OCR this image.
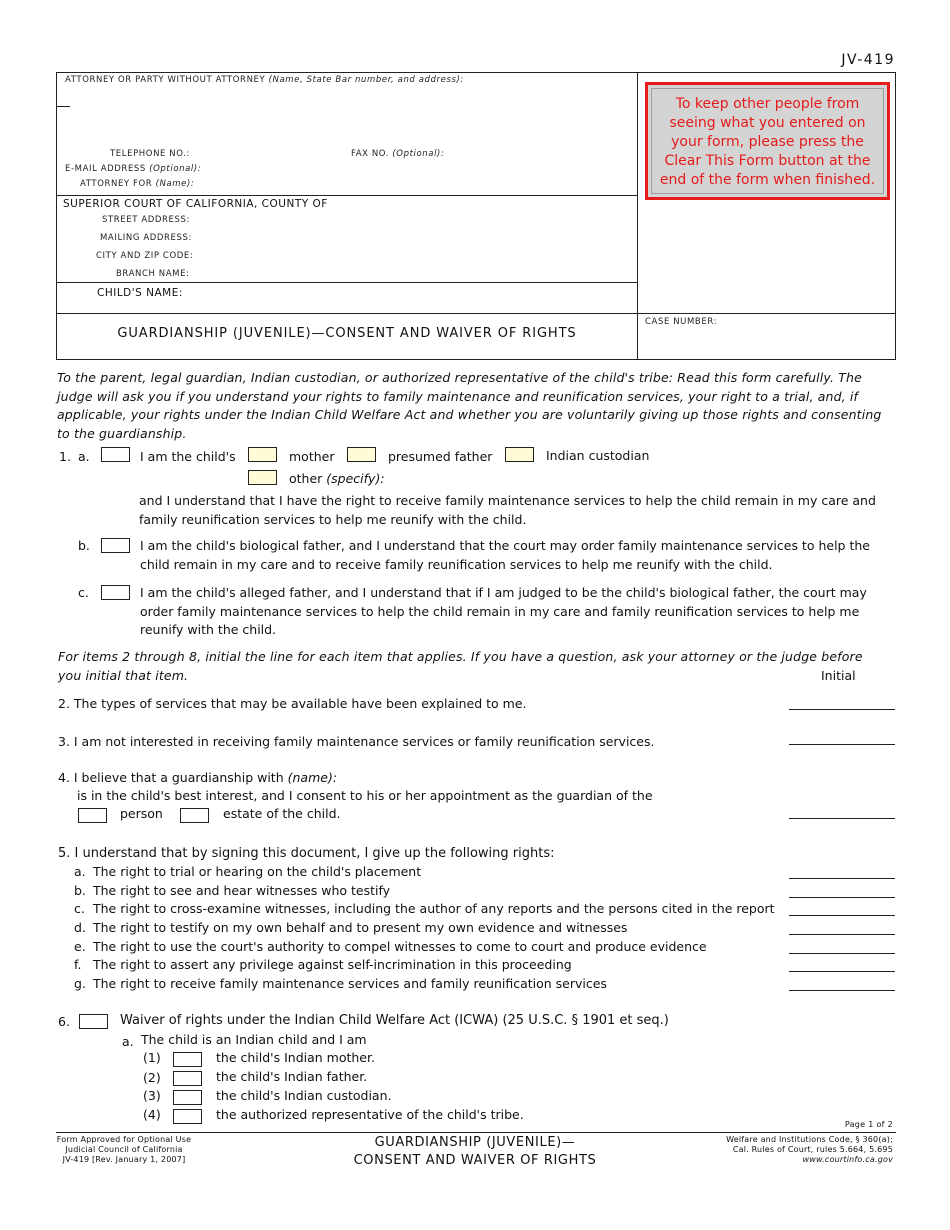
JV-419
ATTORNEY OR PARTY WITHOUT ATTORNEY (Name, State Bar number, and address):
TELEPHONE NO.:	FAX NO. (Optional):
E-MAIL ADDRESS (Optional):
ATTORNEY FOR (Name):
SUPERIOR COURT OF CALIFORNIA, COUNTY OF
STREET ADDRESS:
MAILING ADDRESS:
CITY AND ZIP CODE:
BRANCH NAME:
CHILD'S NAME:
GUARDIANSHIP (JUVENILE)—CONSENT AND WAIVER OF RIGHTS
CASE NUMBER:
To keep other people from seeing what you entered on your form, please press the Clear This Form button at the end of the form when finished.
To the parent, legal guardian, Indian custodian, or authorized representative of the child's tribe: Read this form carefully. The judge will ask you if you understand your rights to family maintenance and reunification services, your right to a trial, and, if applicable, your rights under the Indian Child Welfare Act and whether you are voluntarily giving up those rights and consenting to the guardianship.
1. a.	I am the child's	mother	presumed father	Indian custodian
other (specify):
and I understand that I have the right to receive family maintenance services to help the child remain in my care and family reunification services to help me reunify with the child.
b.	I am the child's biological father, and I understand that the court may order family maintenance services to help the child remain in my care and to receive family reunification services to help me reunify with the child.
c.	I am the child's alleged father, and I understand that if I am judged to be the child's biological father, the court may order family maintenance services to help the child remain in my care and family reunification services to help me reunify with the child.
For items 2 through 8, initial the line for each item that applies. If you have a question, ask your attorney or the judge before you initial that item.	Initial
2. The types of services that may be available have been explained to me.
3. I am not interested in receiving family maintenance services or family reunification services.
4. I believe that a guardianship with (name):
is in the child's best interest, and I consent to his or her appointment as the guardian of the
person	estate of the child.
5. I understand that by signing this document, I give up the following rights:
a. The right to trial or hearing on the child's placement
b. The right to see and hear witnesses who testify
c. The right to cross-examine witnesses, including the author of any reports and the persons cited in the report
d. The right to testify on my own behalf and to present my own evidence and witnesses
e. The right to use the court's authority to compel witnesses to come to court and produce evidence
f. The right to assert any privilege against self-incrimination in this proceeding
g. The right to receive family maintenance services and family reunification services
6.	Waiver of rights under the Indian Child Welfare Act (ICWA) (25 U.S.C. § 1901 et seq.)
a. The child is an Indian child and I am
(1)	the child's Indian mother.
(2)	the child's Indian father.
(3)	the child's Indian custodian.
(4)	the authorized representative of the child's tribe.
Page 1 of 2
Form Approved for Optional Use
Judicial Council of California
JV-419 [Rev. January 1, 2007]
GUARDIANSHIP (JUVENILE)—
CONSENT AND WAIVER OF RIGHTS
Welfare and Institutions Code, § 360(a);
Cal. Rules of Court, rules 5.664, 5.695
www.courtinfo.ca.gov
